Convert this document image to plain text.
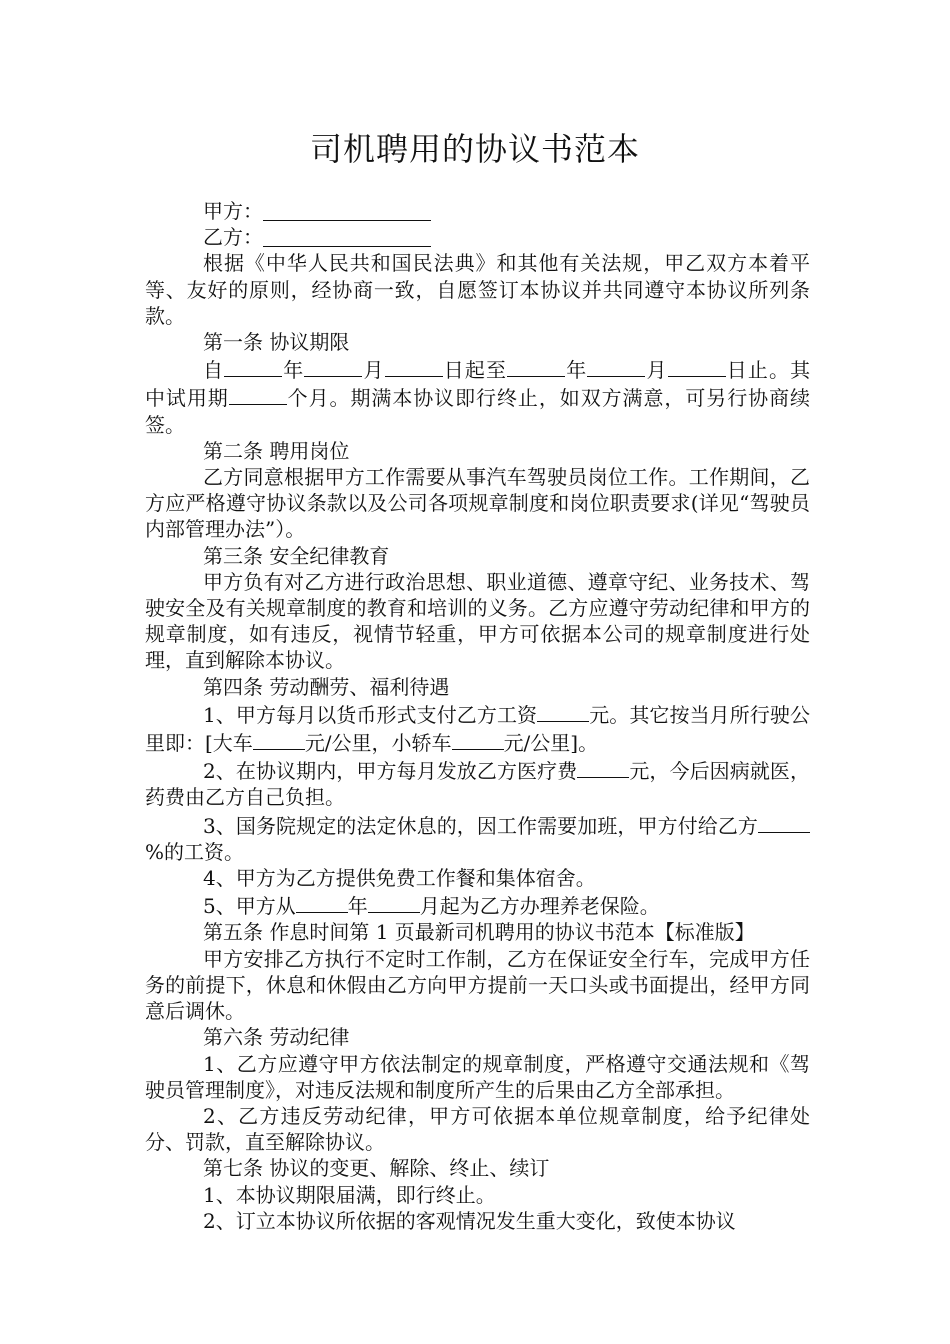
司机聘用的协议书范本

甲方：

乙方：

根据《中华人民共和国民法典》和其他有关法规，甲乙双方本着平等、友好的原则，经协商一致，自愿签订本协议并共同遵守本协议所列条款。

第一条 协议期限

自	年	月	日起至	年	月	日止。其中试用期	个月。期满本协议即行终止，如双方满意，可另行协商续签。

第二条 聘用岗位

乙方同意根据甲方工作需要从事汽车驾驶员岗位工作。工作期间，乙方应严格遵守协议条款以及公司各项规章制度和岗位职责要求(详见“驾驶员内部管理办法”）。

第三条 安全纪律教育

甲方负有对乙方进行政治思想、职业道德、遵章守纪、业务技术、驾驶安全及有关规章制度的教育和培训的义务。乙方应遵守劳动纪律和甲方的规章制度，如有违反，视情节轻重，甲方可依据本公司的规章制度进行处理，直到解除本协议。

第四条 劳动酬劳、福利待遇

1、甲方每月以货币形式支付乙方工资	元。其它按当月所行驶公里即：[大车	元/公里，小轿车	元/公里]。

2、在协议期内，甲方每月发放乙方医疗费	元，今后因病就医，药费由乙方自己负担。

3、国务院规定的法定休息的，因工作需要加班，甲方付给乙方%的工资。

4、甲方为乙方提供免费工作餐和集体宿舍。

5、甲方从	年	月起为乙方办理养老保险。

第五条 作息时间第 1 页最新司机聘用的协议书范本【标准版】

甲方安排乙方执行不定时工作制，乙方在保证安全行车，完成甲方任务的前提下，休息和休假由乙方向甲方提前一天口头或书面提出，经甲方同意后调休。

第六条 劳动纪律

1、乙方应遵守甲方依法制定的规章制度，严格遵守交通法规和《驾驶员管理制度》，对违反法规和制度所产生的后果由乙方全部承担。

2、乙方违反劳动纪律，甲方可依据本单位规章制度，给予纪律处分、罚款，直至解除协议。

第七条 协议的变更、解除、终止、续订

1、本协议期限届满，即行终止。

2、订立本协议所依据的客观情况发生重大变化，致使本协议
